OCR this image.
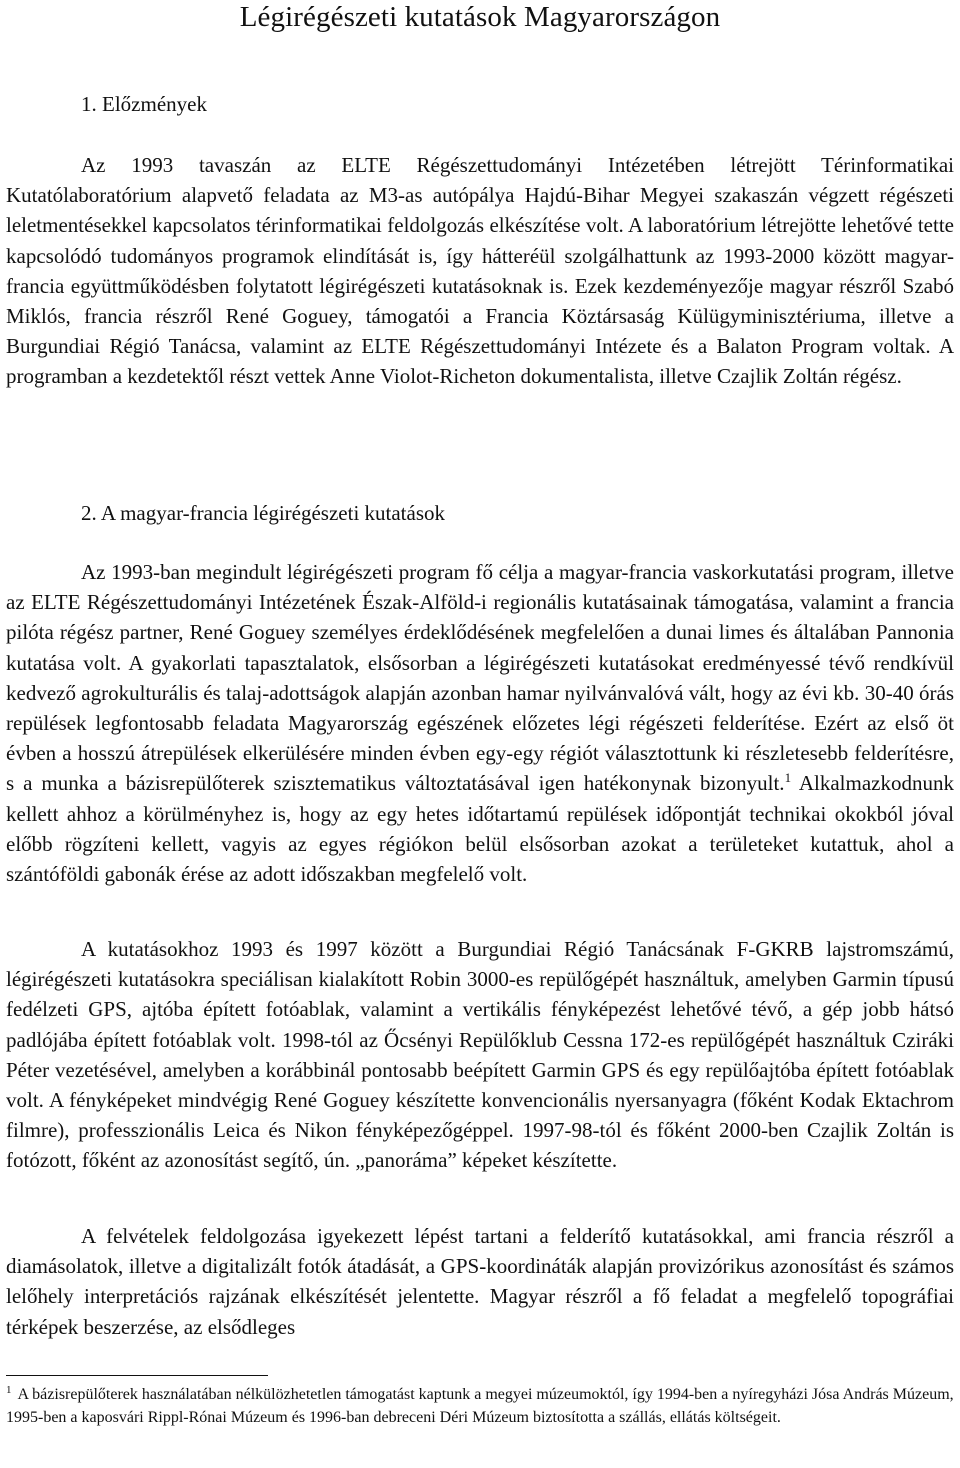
Légirégészeti kutatások Magyarországon
1. Előzmények

Az 1993 tavaszán az ELTE Régészettudományi Intézetében létrejött Térinformatikai Kutatólaboratórium alapvető feladata az M3-as autópálya Hajdú-Bihar Megyei szakaszán végzett régészeti leletmentésekkel kapcsolatos térinformatikai feldolgozás elkészítése volt. A laboratórium létrejötte lehetővé tette kapcsolódó tudományos programok elindítását is, így hátteréül szolgálhattunk az 1993-2000 között magyar-francia együttműködésben folytatott légirégészeti kutatásoknak is. Ezek kezdeményezője magyar részről Szabó Miklós, francia részről René Goguey, támogatói a Francia Köztársaság Külügyminisztériuma, illetve a Burgundiai Régió Tanácsa, valamint az ELTE Régészettudományi Intézete és a Balaton Program voltak. A programban a kezdetektől részt vettek Anne Violot-Richeton dokumentalista, illetve Czajlik Zoltán régész.

2. A magyar-francia légirégészeti kutatások

Az 1993-ban megindult légirégészeti program fő célja a magyar-francia vaskorkutatási program, illetve az ELTE Régészettudományi Intézetének Észak-Alföld-i regionális kutatásainak támogatása, valamint a francia pilóta régész partner, René Goguey személyes érdeklődésének megfelelően a dunai limes és általában Pannonia kutatása volt. A gyakorlati tapasztalatok, elsősorban a légirégészeti kutatásokat eredményessé tévő rendkívül kedvező agrokulturális és talaj-adottságok alapján azonban hamar nyilvánvalóvá vált, hogy az évi kb. 30-40 órás repülések legfontosabb feladata Magyarország egészének előzetes légi régészeti felderítése. Ezért az első öt évben a hosszú átrepülések elkerülésére minden évben egy-egy régiót választottunk ki részletesebb felderítésre, s a munka a bázisrepülőterek szisztematikus változtatásával igen hatékonynak bizonyult.$^1$ Alkalmazkodnunk kellett ahhoz a körülményhez is, hogy az egy hetes időtartamú repülések időpontját technikai okokból jóval előbb rögzíteni kellett, vagyis az egyes régiókon belül elsősorban azokat a területeket kutattuk, ahol a szántóföldi gabonák érése az adott időszakban megfelelő volt.

A kutatásokhoz 1993 és 1997 között a Burgundiai Régió Tanácsának F-GKRB lajstromszámú, légirégészeti kutatásokra speciálisan kialakított Robin 3000-es repülőgépét használtuk, amelyben Garmin típusú fedélzeti GPS, ajtóba épített fotóablak, valamint a vertikális fényképezést lehetővé tévő, a gép jobb hátsó padlójába épített fotóablak volt. 1998-tól az Őcsényi Repülőklub Cessna 172-es repülőgépét használtuk Cziráki Péter vezetésével, amelyben a korábbinál pontosabb beépített Garmin GPS és egy repülőajtóba épített fotóablak volt. A fényképeket mindvégig René Goguey készítette konvencionális nyersanyagra (főként Kodak Ektachrom filmre), professzionális Leica és Nikon fényképezőgéppel. 1997-98-tól és főként 2000-ben Czajlik Zoltán is fotózott, főként az azonosítást segítő, ún. „panoráma” képeket készítette.

A felvételek feldolgozása igyekezett lépést tartani a felderítő kutatásokkal, ami francia részről a diamásolatok, illetve a digitalizált fotók átadását, a GPS-koordináták alapján provizórikus azonosítást és számos lelőhely interpretációs rajzának elkészítését jelentette. Magyar részről a fő feladat a megfelelő topográfiai térképek beszerzése, az elsődleges

$^1$ A bázisrepülőterek használatában nélkülözhetetlen támogatást kaptunk a megyei múzeumoktól, így 1994-ben a nyíregyházi Jósa András Múzeum, 1995-ben a kaposvári Rippl-Rónai Múzeum és 1996-ban debreceni Déri Múzeum biztosította a szállás, ellátás költségeit.
